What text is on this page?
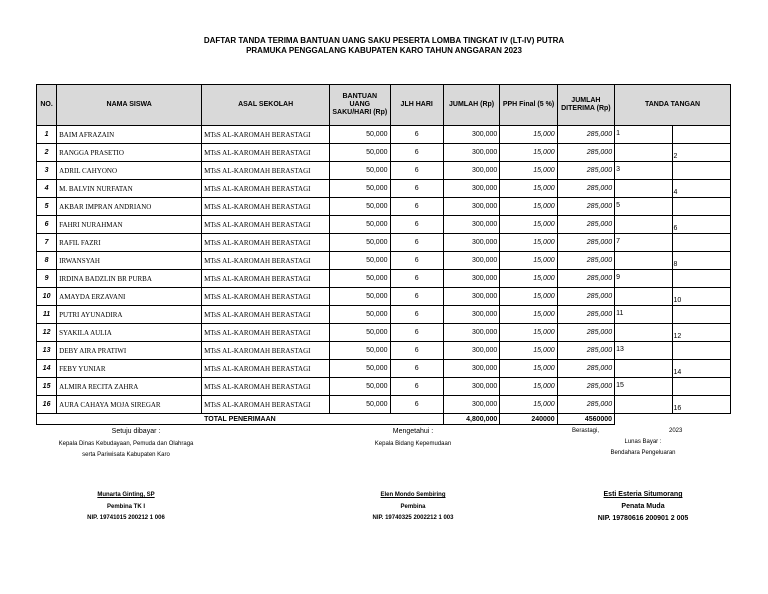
DAFTAR TANDA TERIMA BANTUAN UANG SAKU PESERTA LOMBA TINGKAT IV (LT-IV) PUTRA
PRAMUKA PENGGALANG KABUPATEN KARO TAHUN ANGGARAN 2023
NO.	NAMA SISWA	ASAL SEKOLAH	BANTUAN UANG SAKU/HARI (Rp)	JLH HARI	JUMLAH (Rp)	PPH Final (5 %)	JUMLAH DITERIMA (Rp)	TANDA TANGAN	
1	BAIM AFRAZAIN	MTsS AL-KAROMAH BERASTAGI	50,000	6	300,000	15,000	285,000	1	

2	RANGGA PRASETIO	MTsS AL-KAROMAH BERASTAGI	50,000	6	300,000	15,000	285,000		2

3	ADRIL CAHYONO	MTsS AL-KAROMAH BERASTAGI	50,000	6	300,000	15,000	285,000	3	

4	M. BALVIN NURFATAN	MTsS AL-KAROMAH BERASTAGI	50,000	6	300,000	15,000	285,000		4

5	AKBAR IMPRAN ANDRIANO	MTsS AL-KAROMAH BERASTAGI	50,000	6	300,000	15,000	285,000	5	

6	FAHRI NURAHMAN	MTsS AL-KAROMAH BERASTAGI	50,000	6	300,000	15,000	285,000		6

7	RAFIL FAZRI	MTsS AL-KAROMAH BERASTAGI	50,000	6	300,000	15,000	285,000	7	

8	IRWANSYAH	MTsS AL-KAROMAH BERASTAGI	50,000	6	300,000	15,000	285,000		8

9	IRDINA BADZLIN BR PURBA	MTsS AL-KAROMAH BERASTAGI	50,000	6	300,000	15,000	285,000	9	

10	AMAYDA ERZAVANI	MTsS AL-KAROMAH BERASTAGI	50,000	6	300,000	15,000	285,000		10

11	PUTRI AYUNADIRA	MTsS AL-KAROMAH BERASTAGI	50,000	6	300,000	15,000	285,000	11	

12	SYAKILA AULIA	MTsS AL-KAROMAH BERASTAGI	50,000	6	300,000	15,000	285,000		12

13	DEBY AIRA PRATIWI	MTsS AL-KAROMAH BERASTAGI	50,000	6	300,000	15,000	285,000	13	

14	FEBY YUNIAR	MTsS AL-KAROMAH BERASTAGI	50,000	6	300,000	15,000	285,000		14

15	ALMIRA RECITA ZAHRA	MTsS AL-KAROMAH BERASTAGI	50,000	6	300,000	15,000	285,000	15	

16	AURA CAHAYA MOJA SIREGAR	MTsS AL-KAROMAH BERASTAGI	50,000	6	300,000	15,000	285,000		16

TOTAL PENERIMAAN					4,800,000	240000	4560000		
Setuju dibayar :
Kepala Dinas Kebudayaan, Pemuda dan Olahraga
serta Pariwisata Kabupaten Karo
Munarta Ginting, SP
Pembina TK I
NIP. 19741015 200212 1 006
Mengetahui :
Kepala Bidang Kepemudaan
Elen Mondo Sembiring
Pembina
NIP. 19740325 2002212 1 003
Berastagi,	2023
Lunas Bayar :
Bendahara Pengeluaran
Esti Esteria Situmorang
Penata Muda
NIP. 19780616 200901 2 005
